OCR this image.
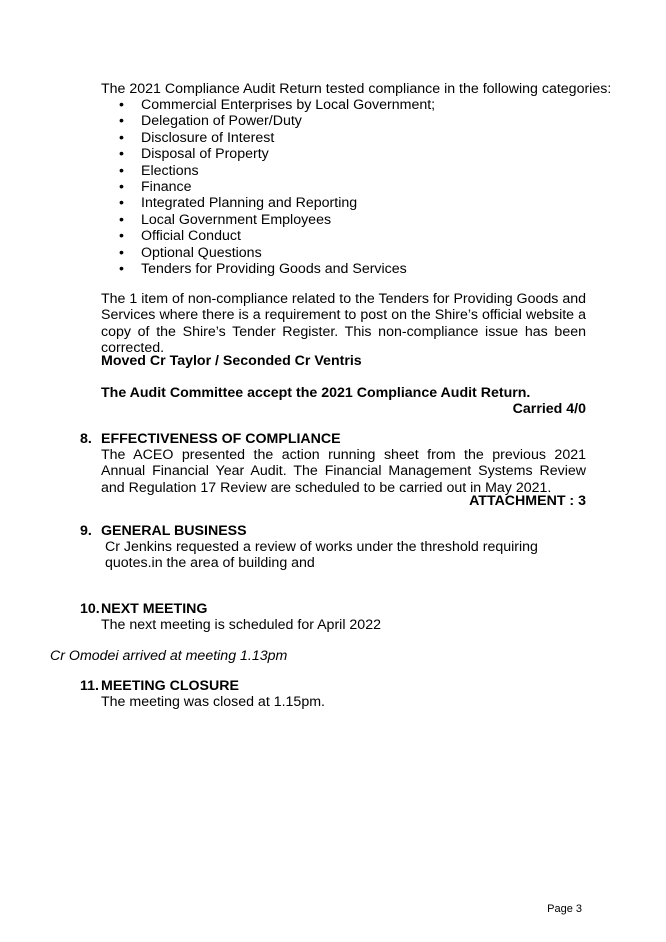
The 2021 Compliance Audit Return tested compliance in the following categories:
• Commercial Enterprises by Local Government;
• Delegation of Power/Duty
• Disclosure of Interest
• Disposal of Property
• Elections
• Finance
• Integrated Planning and Reporting
• Local Government Employees
• Official Conduct
• Optional Questions
• Tenders for Providing Goods and Services
The 1 item of non-compliance related to the Tenders for Providing Goods and Services where there is a requirement to post on the Shire’s official website a copy of the Shire’s Tender Register. This non-compliance issue has been corrected.
Moved Cr Taylor / Seconded Cr Ventris
The Audit Committee accept the 2021 Compliance Audit Return.
Carried 4/0
8. EFFECTIVENESS OF COMPLIANCE
The ACEO presented the action running sheet from the previous 2021 Annual Financial Year Audit. The Financial Management Systems Review and Regulation 17 Review are scheduled to be carried out in May 2021.
ATTACHMENT : 3
9. GENERAL BUSINESS
Cr Jenkins requested a review of works under the threshold requiring quotes.in the area of building and
10. NEXT MEETING
The next meeting is scheduled for April 2022
Cr Omodei arrived at meeting 1.13pm
11. MEETING CLOSURE
The meeting was closed at 1.15pm.
Page 3
